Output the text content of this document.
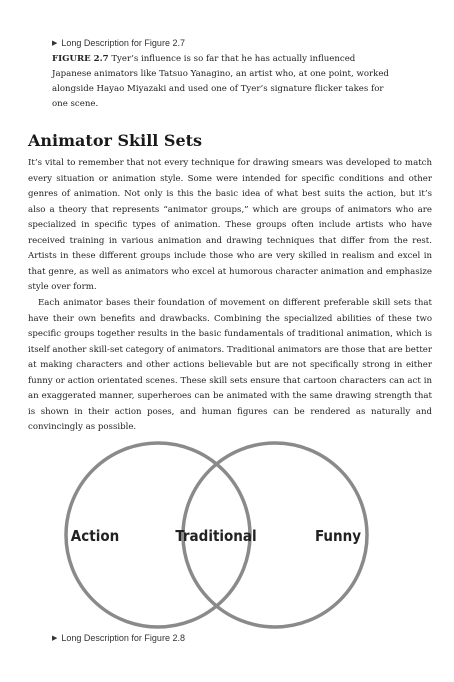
▶ Long Description for Figure 2.7
FIGURE 2.7 Tyer’s influence is so far that he has actually influenced Japanese animators like Tatsuo Yanagino, an artist who, at one point, worked alongside Hayao Miyazaki and used one of Tyer’s signature flicker takes for one scene.
Animator Skill Sets

It’s vital to remember that not every technique for drawing smears was developed to match every situation or animation style. Some were intended for specific conditions and other genres of animation. Not only is this the basic idea of what best suits the action, but it’s also a theory that represents “animator groups,” which are groups of animators who are specialized in specific types of animation. These groups often include artists who have received training in various animation and drawing techniques that differ from the rest. Artists in these different groups include those who are very skilled in realism and excel in that genre, as well as animators who excel at humorous character animation and emphasize style over form.

Each animator bases their foundation of movement on different preferable skill sets that have their own benefits and drawbacks. Combining the specialized abilities of these two specific groups together results in the basic fundamentals of traditional animation, which is itself another skill-set category of animators. Traditional animators are those that are better at making characters and other actions believable but are not specifically strong in either funny or action orientated scenes. These skill sets ensure that cartoon characters can act in an exaggerated manner, superheroes can be animated with the same drawing strength that is shown in their action poses, and human figures can be rendered as naturally and convincingly as possible.

Action	Traditional	Funny
▶ Long Description for Figure 2.8
